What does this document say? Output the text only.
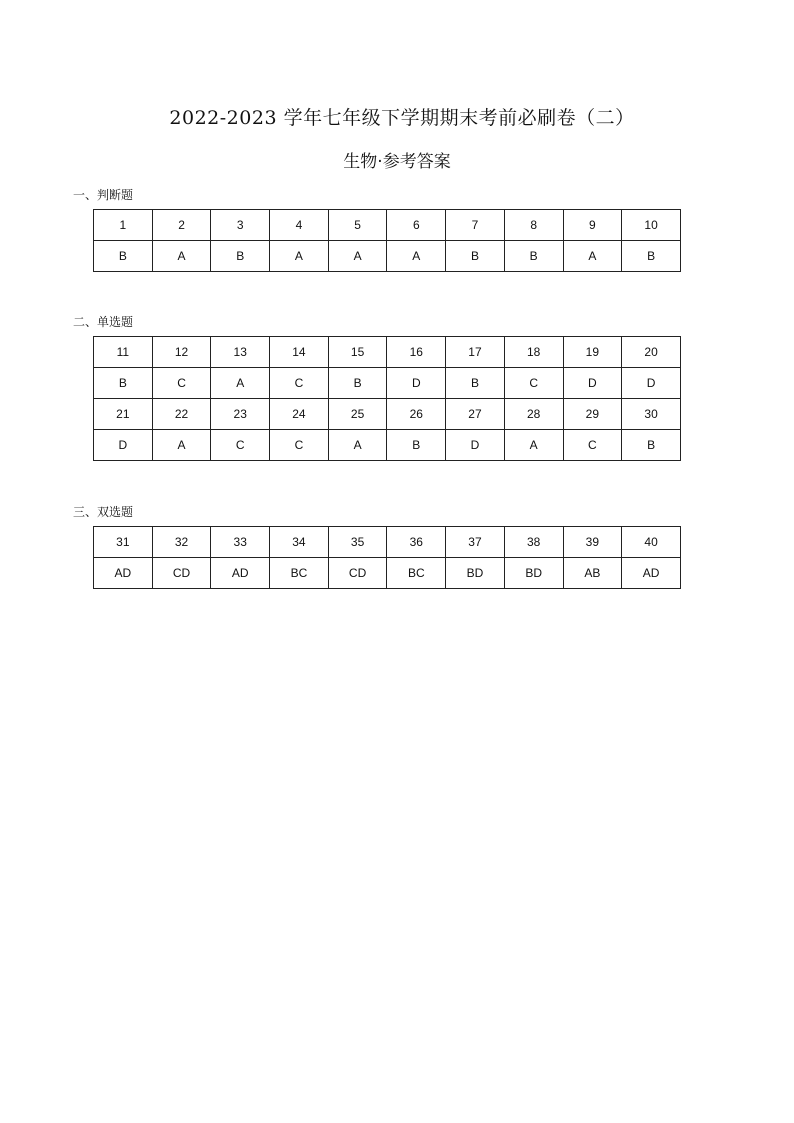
2022-2023 学年七年级下学期期末考前必刷卷（二）
生物·参考答案
一、判断题
1	2	3	4	5	6	7	8	9	10
B	A	B	A	A	A	B	B	A	B
二、单选题
11	12	13	14	15	16	17	18	19	20
B	C	A	C	B	D	B	C	D	D
21	22	23	24	25	26	27	28	29	30
D	A	C	C	A	B	D	A	C	B
三、双选题
31	32	33	34	35	36	37	38	39	40
AD	CD	AD	BC	CD	BC	BD	BD	AB	AD
